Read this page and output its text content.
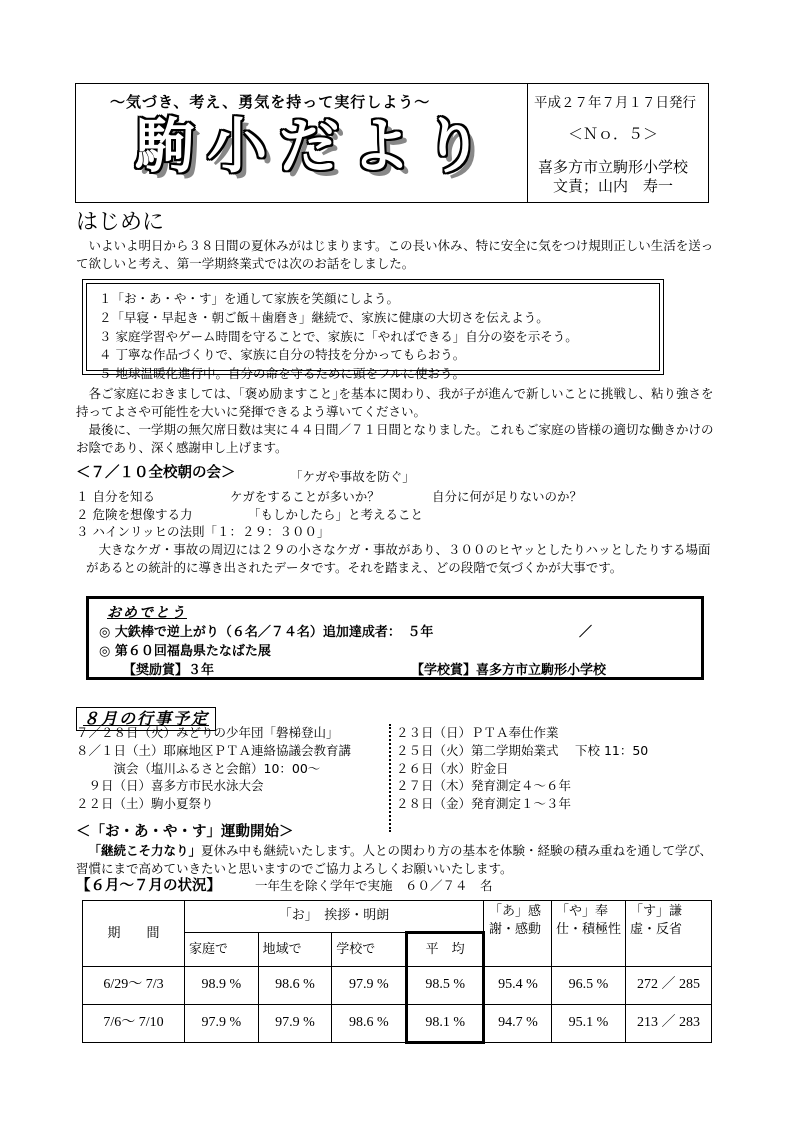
～気づき、考え、勇気を持って実行しよう～
駒小だより
平成２７年７月１７日発行
＜Ｎｏ．５＞
喜多方市立駒形小学校
文責；山内　寿一
はじめに
いよいよ明日から３８日間の夏休みがはじまります。この長い休み、特に安全に気をつけ規則正しい生活を送って欲しいと考え、第一学期終業式では次のお話をしました。
１「お・あ・や・す」を通して家族を笑顔にしよう。
２「早寝・早起き・朝ご飯＋歯磨き」継続で、家族に健康の大切さを伝えよう。
３ 家庭学習やゲーム時間を守ることで、家族に「やればできる」自分の姿を示そう。
４ 丁寧な作品づくりで、家族に自分の特技を分かってもらおう。
５ 地球温暖化進行中。自分の命を守るために頭をフルに使おう。
各ご家庭におきましては、｢褒め励ますこと｣を基本に関わり、我が子が進んで新しいことに挑戦し、粘り強さを持ってよさや可能性を大いに発揮できるよう導いてください。
最後に、一学期の無欠席日数は実に４４日間／７１日間となりました。これもご家庭の皆様の適切な働きかけのお陰であり、深く感謝申し上げます。
＜７／１０全校朝の会＞	「ケガや事故を防ぐ」
１ 自分を知る	ケガをすることが多いか？	自分に何が足りないのか？
２ 危険を想像する力	「もしかしたら」と考えること
３ ハインリッヒの法則「１：２９：３００」
大きなケガ・事故の周辺には２９の小さなケガ・事故があり、３００のヒヤッとしたりハッとしたりする場面があるとの統計的に導き出されたデータです。それを踏まえ、どの段階で気づくかが大事です。
おめでとう
◎ 大鉄棒で逆上がり（６名／７４名）追加達成者：　５年	／
◎ 第６０回福島県たなばた展
【奨励賞】３年	【学校賞】喜多方市立駒形小学校
８月の行事予定
７／２８日（火）みどりの少年団「磐梯登山」
８／１日（土）耶麻地区ＰＴＡ連絡協議会教育講
　　　演会（塩川ふるさと会館）10：00～
　９日（日）喜多方市民水泳大会
２２日（土）駒小夏祭り
２３日（日）ＰＴＡ奉仕作業
２５日（火）第二学期始業式　 下校 11：50
２６日（水）貯金日
２７日（木）発育測定４～６年
２８日（金）発育測定１～３年
＜「お・あ・や・す」運動開始＞
「継続こそ力なり」夏休み中も継続いたします。人との関わり方の基本を体験・経験の積み重ねを通して学び、習慣にまで高めていきたいと思いますのでご協力よろしくお願いいたします。
【６月～７月の状況】	一年生を除く学年で実施　６０／７４　名
期　　間	「お」　挨拶・明朗				「あ」感謝・感動	「や」奉仕・積極性	「す」謙虚・反省
	家庭で	地域で	学校で	平　均			
6/29～ 7/3	98.9 %	98.6 %	97.9 %	98.5 %	95.4 %	96.5 %	272 ／ 285
7/6～ 7/10	97.9 %	97.9 %	98.6 %	98.1 %	94.7 %	95.1 %	213 ／ 283
